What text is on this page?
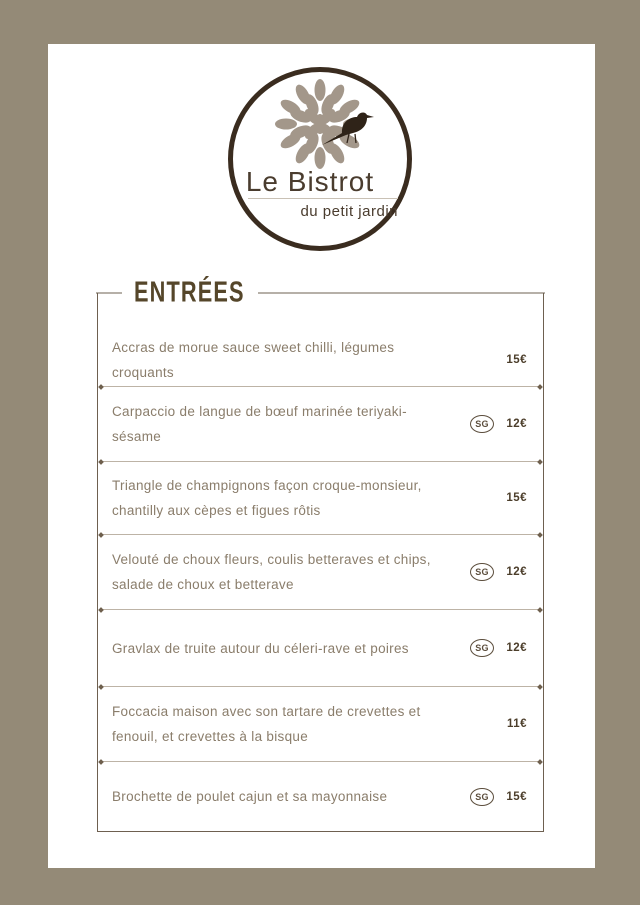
Le Bistrot
du petit jardin
ENTRÉES
Accras de morue sauce sweet chilli, légumes
croquants
15€
Carpaccio de langue de bœuf marinée teriyaki-
sésame
SG 12€
Triangle de champignons façon croque-monsieur,
chantilly aux cèpes et figues rôtis
15€
Velouté de choux fleurs, coulis betteraves et chips,
salade de choux et betterave
SG 12€
Gravlax de truite autour du céleri-rave et poires	SG 12€
Foccacia maison avec son tartare de crevettes et
fenouil, et crevettes à la bisque
11€
Brochette de poulet cajun et sa mayonnaise	SG 15€
